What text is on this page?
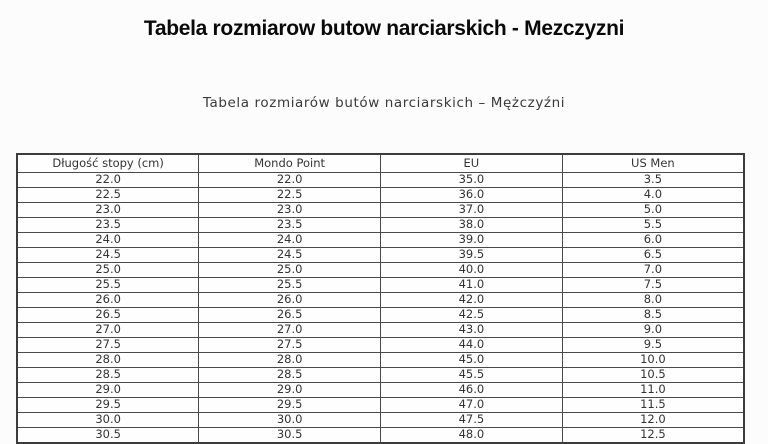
Tabela rozmiarow butow narciarskich - Mezczyzni
Tabela rozmiarów butów narciarskich – Mężczyźni
Długość stopy (cm)	Mondo Point	EU	US Men
22.0	22.0	35.0	3.5
22.5	22.5	36.0	4.0
23.0	23.0	37.0	5.0
23.5	23.5	38.0	5.5
24.0	24.0	39.0	6.0
24.5	24.5	39.5	6.5
25.0	25.0	40.0	7.0
25.5	25.5	41.0	7.5
26.0	26.0	42.0	8.0
26.5	26.5	42.5	8.5
27.0	27.0	43.0	9.0
27.5	27.5	44.0	9.5
28.0	28.0	45.0	10.0
28.5	28.5	45.5	10.5
29.0	29.0	46.0	11.0
29.5	29.5	47.0	11.5
30.0	30.0	47.5	12.0
30.5	30.5	48.0	12.5
